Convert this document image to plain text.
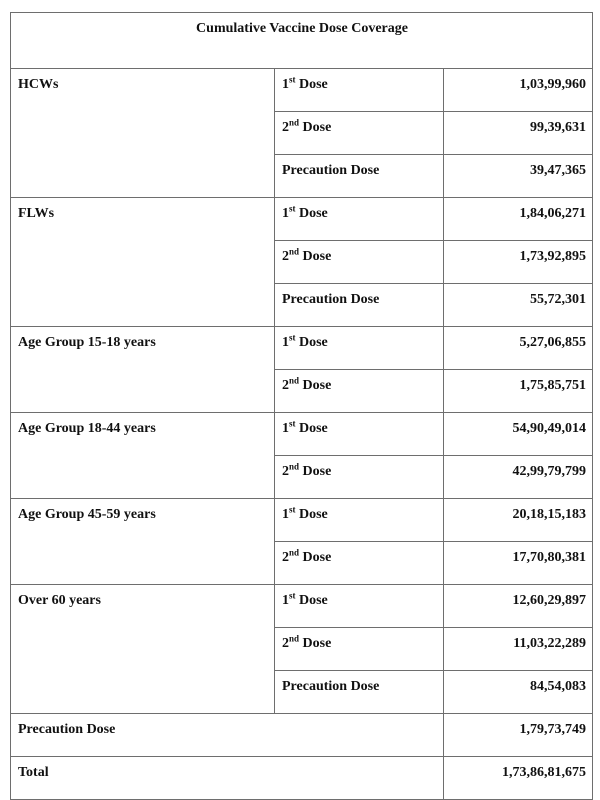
Cumulative Vaccine Dose Coverage		
HCWs	1st Dose	1,03,99,960
	2nd Dose	99,39,631
	Precaution Dose	39,47,365
FLWs	1st Dose	1,84,06,271
	2nd Dose	1,73,92,895
	Precaution Dose	55,72,301
Age Group 15-18 years	1st Dose	5,27,06,855
	2nd Dose	1,75,85,751
Age Group 18-44 years	1st Dose	54,90,49,014
	2nd Dose	42,99,79,799
Age Group 45-59 years	1st Dose	20,18,15,183
	2nd Dose	17,70,80,381
Over 60 years	1st Dose	12,60,29,897
	2nd Dose	11,03,22,289
	Precaution Dose	84,54,083
Precaution Dose		1,79,73,749
Total		1,73,86,81,675
